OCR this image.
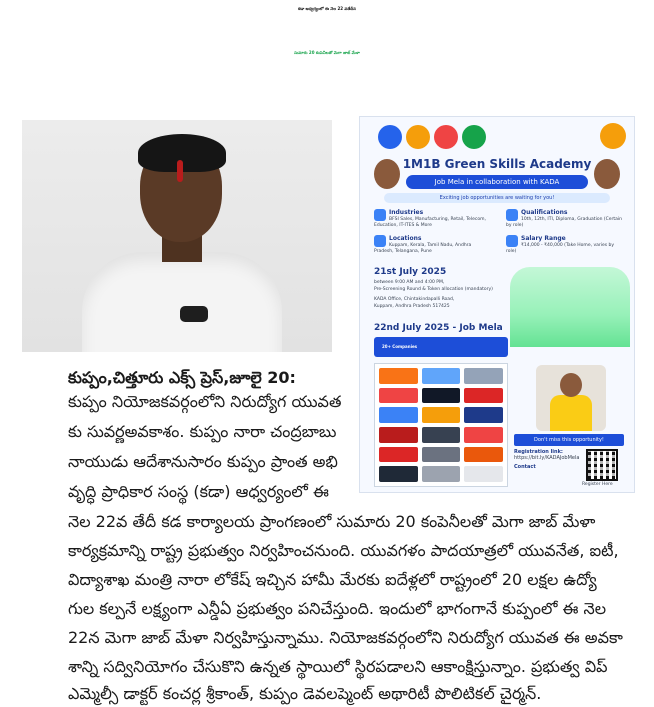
కడా ఆధ్వర్యంలో ఈ నెల 22 వతేదీన
సుమారు 20 కంపెనీలతో మెగా జాబ్ మేళా
1M1B Green Skills Academy
Job Mela in collaboration with KADA
Exciting job opportunities are waiting for you!
Industries
BFSI Sales, Manufacturing, Retail, Telecom, Education, IT-ITES & More
Qualifications
10th, 12th, ITI, Diploma, Graduation (Certain by role)
Locations
Kuppam, Kerala, Tamil Nadu, Andhra Pradesh, Telangana, Pune
Salary Range
₹14,000 - ₹40,000 (Take Home, varies by role)
21st July 2025
between 9:00 AM and 4:00 PM,
Pre-Screening Round & Token allocation (mandatory)
KADA Office, Chintakindapalli Road,
Kuppam, Andhra Pradesh 517425
22nd July 2025 - Job Mela
20+ Companies
Don't miss this opportunity!
Registration link:
https://bit.ly/KADAJobMela
Contact
Register Here
కుప్పం,చిత్తూరు ఎక్స్ ప్రెస్,జూలై 20:
కుప్పం నియోజకవర్గంలోని నిరుద్యోగ యువత
కు సువర్ణఅవకాశం. కుప్పం నారా చంద్రబాబు
నాయుడు ఆదేశానుసారం కుప్పం ప్రాంత అభి
వృద్ధి ప్రాధికార సంస్థ (కడా) ఆధ్వర్యంలో ఈ
నెల 22వ తేదీ కడ కార్యాలయ ప్రాంగణంలో సుమారు 20 కంపెనీలతో మెగా జాబ్ మేళా
కార్యక్రమాన్ని రాష్ట్ర ప్రభుత్వం నిర్వహించనుంది. యువగళం పాదయాత్రలో యువనేత, ఐటీ,
విద్యాశాఖ మంత్రి నారా లోకేష్ ఇచ్చిన హామీ మేరకు ఐదేళ్లలో రాష్ట్రంలో 20 లక్షల ఉద్యో
గుల కల్పనే లక్ష్యంగా ఎన్డీఏ ప్రభుత్వం పనిచేస్తుంది. ఇందులో భాగంగానే కుప్పంలో ఈ నెల
22న మెగా జాబ్ మేళా నిర్వహిస్తున్నాము. నియోజకవర్గంలోని నిరుద్యోగ యువత ఈ అవకా
శాన్ని సద్వినియోగం చేసుకొని ఉన్నత స్థాయిలో స్థిరపడాలని ఆకాంక్షిస్తున్నాం. ప్రభుత్వ విప్
ఎమ్మెల్సీ డాక్టర్ కంచర్ల శ్రీకాంత్, కుప్పం డెవలప్మెంట్ అథారిటీ పొలిటికల్ చైర్మన్.
